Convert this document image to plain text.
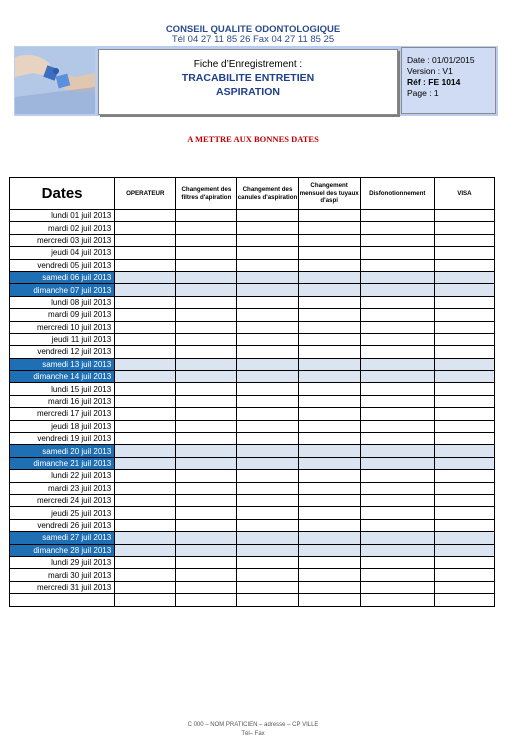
CONSEIL QUALITE ODONTOLOGIQUE
Tél 04 27 11 85 26 Fax 04 27 11 85 25
Fiche d’Enregistrement :
TRACABILITE ENTRETIEN
ASPIRATION
Date : 01/01/2015
Version : V1
Réf : FE 1014
Page : 1
A METTRE AUX BONNES DATES
Dates	OPERATEUR	Changement des filtres d'apiration	Changement des canules d'aspiration	Changement mensuel des tuyaux d'aspi	Disfonotionnement	VISA
lundi 01 juil 2013						
mardi 02 juil 2013						
mercredi 03 juil 2013						
jeudi 04 juil 2013						
vendredi 05 juil 2013						
samedi 06 juil 2013						
dimanche 07 juil 2013						
lundi 08 juil 2013						
mardi 09 juil 2013						
mercredi 10 juil 2013						
jeudi 11 juil 2013						
vendredi 12 juil 2013						
samedi 13 juil 2013						
dimanche 14 juil 2013						
lundi 15 juil 2013						
mardi 16 juil 2013						
mercredi 17 juil 2013						
jeudi 18 juil 2013						
vendredi 19 juil 2013						
samedi 20 juil 2013						
dimanche 21 juil 2013						
lundi 22 juil 2013						
mardi 23 juil 2013						
mercredi 24 juil 2013						
jeudi 25 juil 2013						
vendredi 26 juil 2013						
samedi 27 juil 2013						
dimanche 28 juil 2013						
lundi 29 juil 2013						
mardi 30 juil 2013						
mercredi 31 juil 2013						

C 000 – NOM PRATICIEN – adresse – CP VILLE
Tél– Fax
